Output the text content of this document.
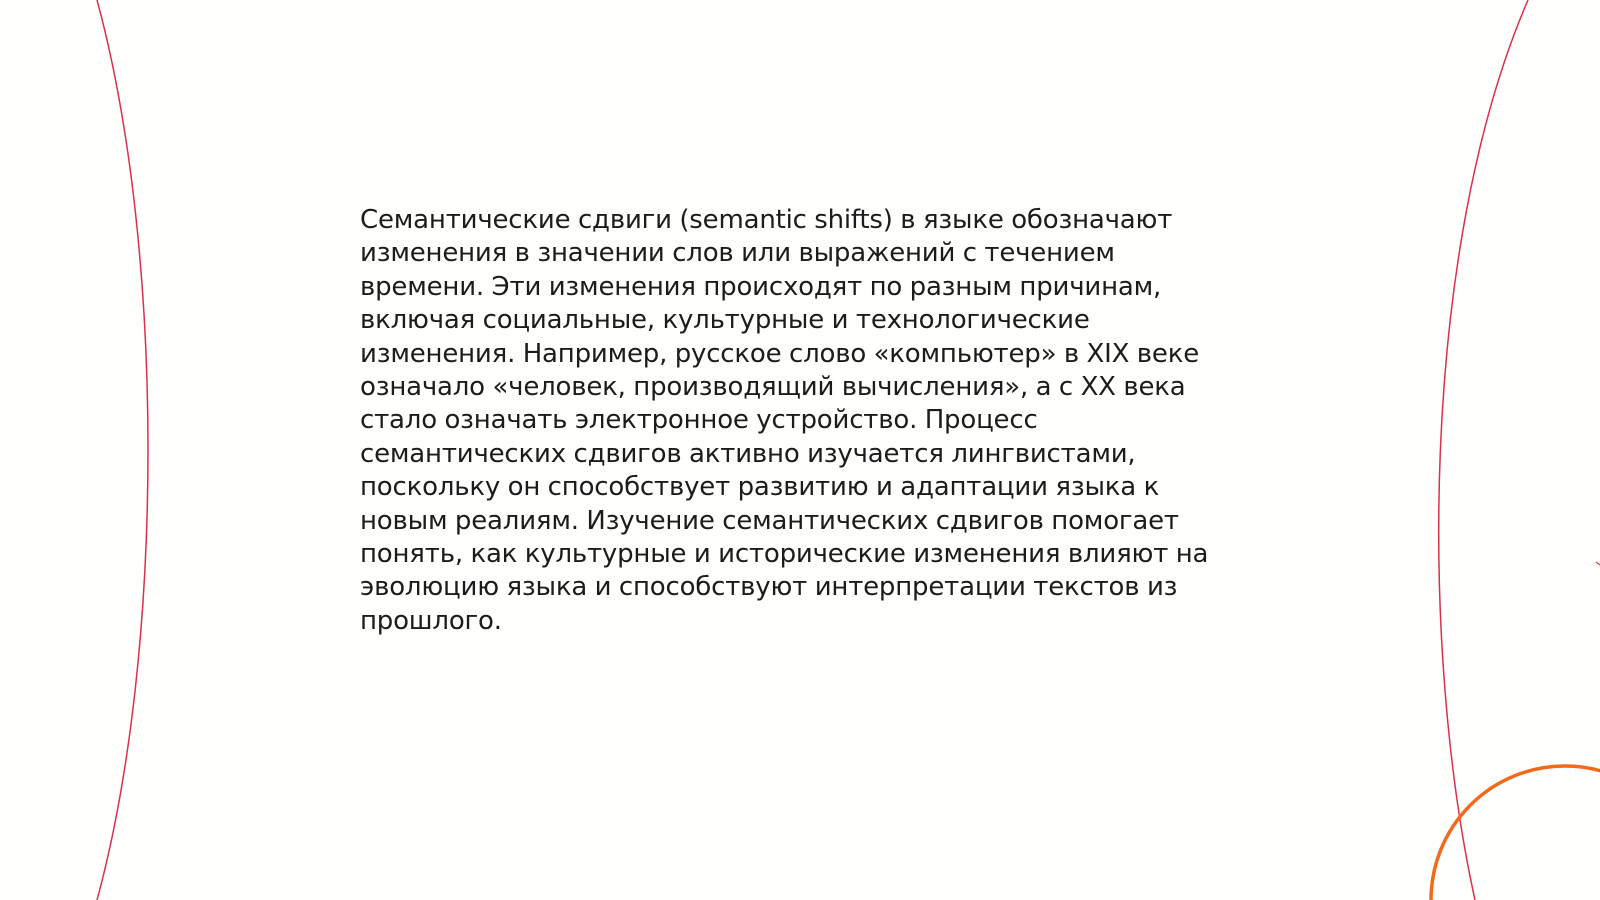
Семантические сдвиги (semantic shifts) в языке обозначают
изменения в значении слов или выражений с течением
времени. Эти изменения происходят по разным причинам,
включая социальные, культурные и технологические
изменения. Например, русское слово «компьютер» в XIX веке
означало «человек, производящий вычисления», а с XX века
стало означать электронное устройство. Процесс
семантических сдвигов активно изучается лингвистами,
поскольку он способствует развитию и адаптации языка к
новым реалиям. Изучение семантических сдвигов помогает
понять, как культурные и исторические изменения влияют на
эволюцию языка и способствуют интерпретации текстов из
прошлого.
